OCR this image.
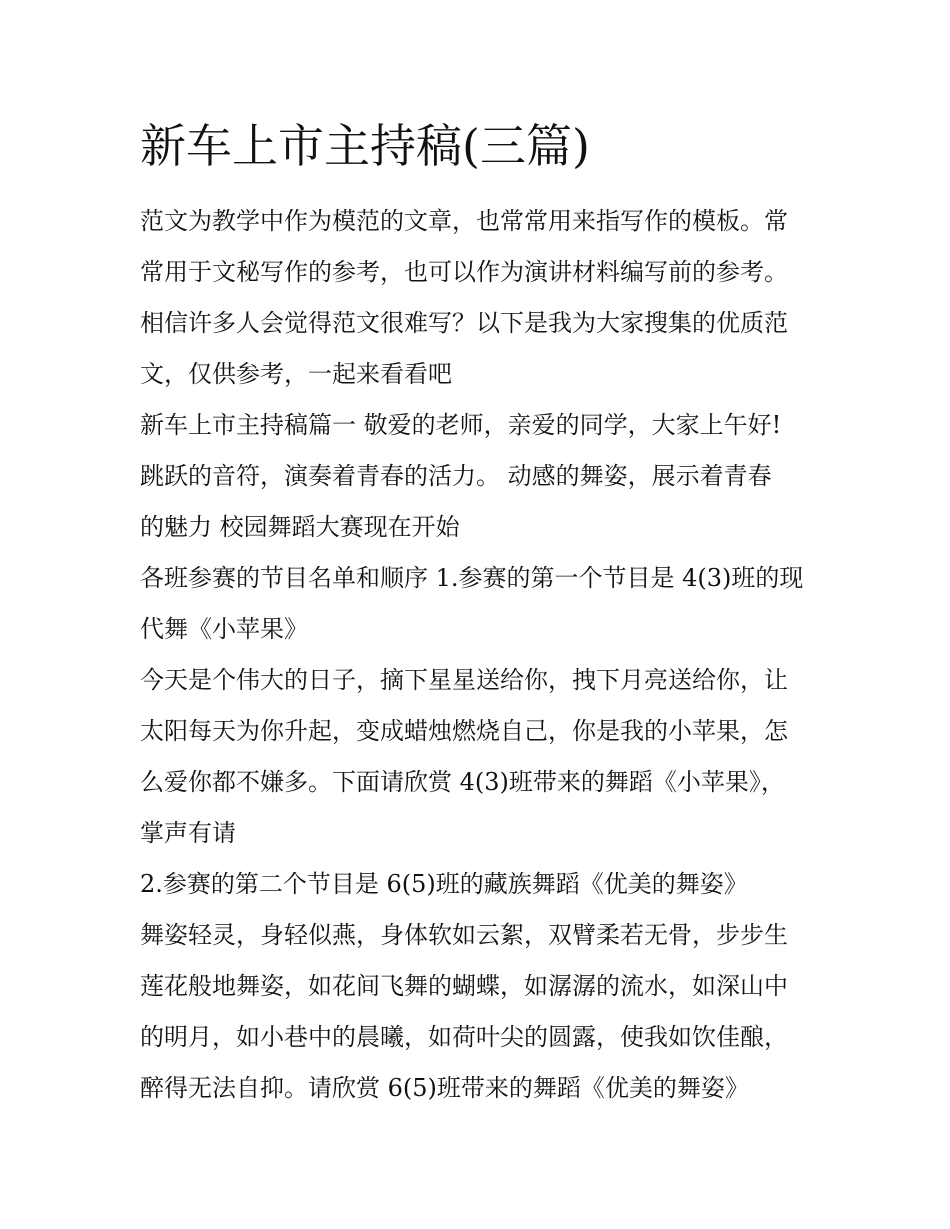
新车上市主持稿(三篇)

范文为教学中作为模范的文章，也常常用来指写作的模板。常

常用于文秘写作的参考，也可以作为演讲材料编写前的参考。

相信许多人会觉得范文很难写？以下是我为大家搜集的优质范

文，仅供参考，一起来看看吧

新车上市主持稿篇一 敬爱的老师，亲爱的同学，大家上午好!

跳跃的音符，演奏着青春的活力。 动感的舞姿，展示着青春

的魅力 校园舞蹈大赛现在开始

各班参赛的节目名单和顺序 1.参赛的第一个节目是 4(3)班的现

代舞《小苹果》

今天是个伟大的日子，摘下星星送给你，拽下月亮送给你，让

太阳每天为你升起，变成蜡烛燃烧自己，你是我的小苹果，怎

么爱你都不嫌多。下面请欣赏 4(3)班带来的舞蹈《小苹果》，

掌声有请

2.参赛的第二个节目是 6(5)班的藏族舞蹈《优美的舞姿》

舞姿轻灵，身轻似燕，身体软如云絮，双臂柔若无骨，步步生

莲花般地舞姿，如花间飞舞的蝴蝶，如潺潺的流水，如深山中

的明月，如小巷中的晨曦，如荷叶尖的圆露，使我如饮佳酿，

醉得无法自抑。请欣赏 6(5)班带来的舞蹈《优美的舞姿》
